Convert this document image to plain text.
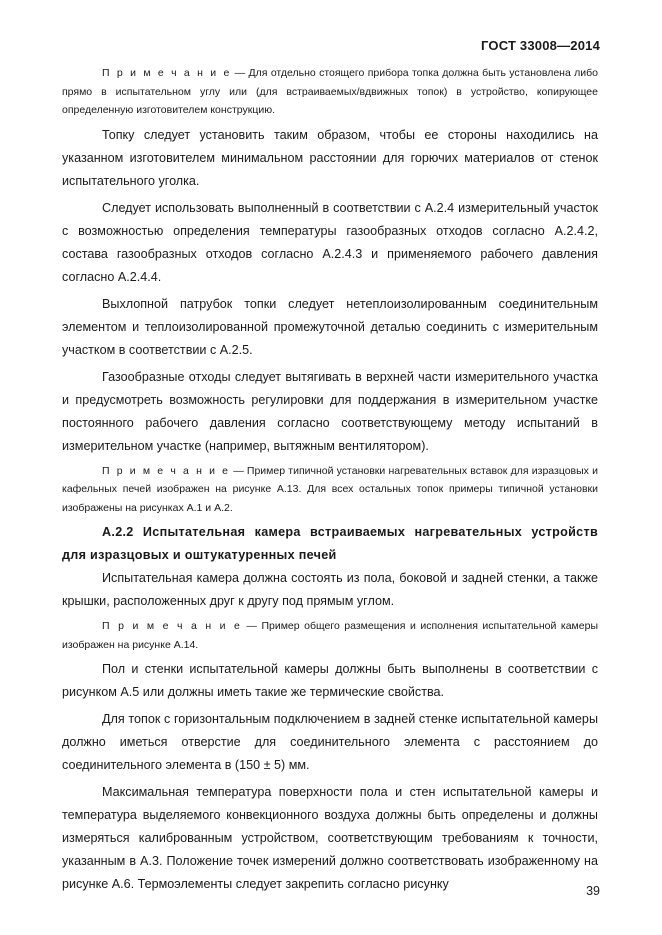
ГОСТ 33008—2014

П р и м е ч а н и е — Для отдельно стоящего прибора топка должна быть установлена либо прямо в испытательном углу или (для встраиваемых/вдвижных топок) в устройство, копирующее определенную изготовителем конструкцию.

Топку следует установить таким образом, чтобы ее стороны находились на указанном изготовителем минимальном расстоянии для горючих материалов от стенок испытательного уголка.

Следует использовать выполненный в соответствии с А.2.4 измерительный участок с возможностью определения температуры газообразных отходов согласно А.2.4.2, состава газообразных отходов согласно А.2.4.3 и применяемого рабочего давления согласно А.2.4.4.

Выхлопной патрубок топки следует нетеплоизолированным соединительным элементом и теплоизолированной промежуточной деталью соединить с измерительным участком в соответствии с А.2.5.

Газообразные отходы следует вытягивать в верхней части измерительного участка и предусмотреть возможность регулировки для поддержания в измерительном участке постоянного рабочего давления согласно соответствующему методу испытаний в измерительном участке (например, вытяжным вентилятором).

П р и м е ч а н и е — Пример типичной установки нагревательных вставок для изразцовых и кафельных печей изображен на рисунке А.13. Для всех остальных топок примеры типичной установки изображены на рисунках А.1 и А.2.

А.2.2 Испытательная камера встраиваемых нагревательных устройств для изразцовых и оштукатуренных печей

Испытательная камера должна состоять из пола, боковой и задней стенки, а также крышки, расположенных друг к другу под прямым углом.

П р и м е ч а н и е — Пример общего размещения и исполнения испытательной камеры изображен на рисунке А.14.

Пол и стенки испытательной камеры должны быть выполнены в соответствии с рисунком А.5 или должны иметь такие же термические свойства.

Для топок с горизонтальным подключением в задней стенке испытательной камеры должно иметься отверстие для соединительного элемента с расстоянием до соединительного элемента в (150 ± 5) мм.

Максимальная температура поверхности пола и стен испытательной камеры и температура выделяемого конвекционного воздуха должны быть определены и должны измеряться калиброванным устройством, соответствующим требованиям к точности, указанным в А.3. Положение точек измерений должно соответствовать изображенному на рисунке А.6. Термоэлементы следует закрепить согласно рисунку	39
